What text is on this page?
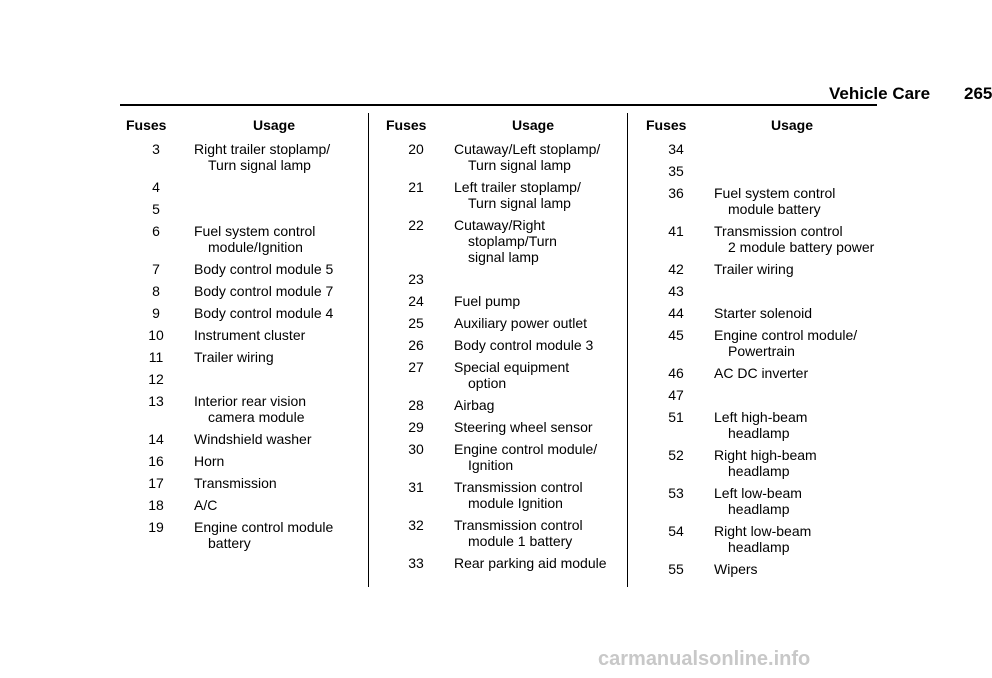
Vehicle Care 265
Fuses	Usage
3	Right trailer stoplamp/
Turn signal lamp
4
5
6	Fuel system control
module/Ignition
7	Body control module 5
8	Body control module 7
9	Body control module 4
10	Instrument cluster
11	Trailer wiring
12
13	Interior rear vision
camera module
14	Windshield washer
16	Horn
17	Transmission
18	A/C
19	Engine control module
battery
Fuses	Usage
20	Cutaway/Left stoplamp/
Turn signal lamp
21	Left trailer stoplamp/
Turn signal lamp
22	Cutaway/Right
stoplamp/Turn
signal lamp
23
24	Fuel pump
25	Auxiliary power outlet
26	Body control module 3
27	Special equipment
option
28	Airbag
29	Steering wheel sensor
30	Engine control module/
Ignition
31	Transmission control
module Ignition
32	Transmission control
module 1 battery
33	Rear parking aid module
Fuses	Usage
34
35
36	Fuel system control
module battery
41	Transmission control
2 module battery power
42	Trailer wiring
43
44	Starter solenoid
45	Engine control module/
Powertrain
46	AC DC inverter
47
51	Left high-beam
headlamp
52	Right high-beam
headlamp
53	Left low-beam
headlamp
54	Right low-beam
headlamp
55	Wipers
carmanualsonline.info
